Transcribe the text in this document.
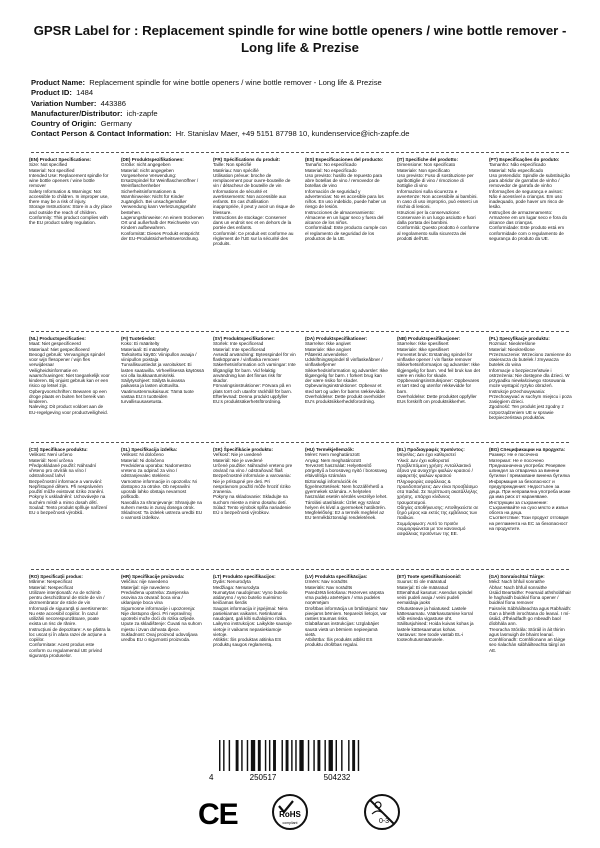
GPSR Label for : Replacement spindle for wine bottle openers / wine bottle remover - Long life & Prezise
Product Name: Replacement spindle for wine bottle openers / wine bottle remover - Long life & Prezise
Product ID: 1484
Variation Number: 443386
Manufacturer/Distributor: ich-zapfe
Country of Origin: Germany
Contact Person & Contact Information: Hr. Stanislav Maer, +49 5151 87798 10, kundenservice@ich-zapfe.de
(EN) Product Specifications:
Size: Not specified
Material: Not specified
Intended Use: Replacement spindle for wine bottle openers / wine bottle remover
Safety Information & Warnings: Not accessible to children. In improper use, there may be a risk of injury.
Storage Instructions: Store in a dry place and outside the reach of children.
Conformity: This product complies with the EU product safety regulation.
(DE) Produktspezifikationen:
Größe: nicht angegeben
Material: nicht angegeben
Vorgesehene Verwendung: Ersatzspindel für Weinflaschenöffner / Weinflaschenheber
Sicherheitsinformationen & Warnhinweise: Nicht für Kinder zugänglich. Bei unsachgemäßer Verwendung kann Verletzungsgefahr bestehen.
Lagerungshinweise: An einem trockenen Ort und außerhalb der Reichweite von Kindern aufbewahren.
Konformität: Dieses Produkt entspricht der EU-Produktsicherheitsverordnung.
(FR) Spécifications du produit:
Taille: Non spécifié
Matériau: Non spécifié
Utilisation prévue: broche de remplacement pour ouvre-bouteille de vin / détacheur de bouteille de vin
Informations de sécurité et avertissements: Non accessible aux enfants. En cas d'utilisation inappropriée, il peut y avoir un risque de blessure.
Instructions de stockage: Conserver dans un endroit sec et en dehors de la portée des enfants.
Conformité: Ce produit est conforme au règlement de l'UE sur la sécurité des produits.
(ES) Especificaciones del producto:
Tamaño: No especificado
Material: No especificado
Uso previsto: husillo de repuesto para abre botellas de vino / removedor de botellas de vino
Información de seguridad y advertencias: No es accesible para los niños. En uso indebido, puede haber un riesgo de lesión.
Instrucciones de almacenamiento: Almacene en un lugar seco y fuera del alcance de los niños.
Conformidad: Este producto cumple con el reglamento de seguridad de los productos de la UE.
(IT) Specifiche del prodotto:
Dimensione: Non specificato
Materiale: Non specificato
Uso previsto: Fuso di sostituzione per apribottiglie di vino / rimozione di bottiglie di vino
Informazioni sulla sicurezza e avvertenze: Non accessibile ai bambini. In caso di uso improprio, può esserci un rischio di lesioni.
Istruzioni per la conservazione: Conservare in un luogo asciutto e fuori dalla portata dei bambini.
Conformità: Questo prodotto è conforme al regolamento sulla sicurezza dei prodotti dell'UE.
(PT) Especificações do produto:
Tamanho: Não especificado
Material: Não especificado
Uso pretendido: Spindle de substituição para abridor de garrafas de vinho / removedor de garrafa de vinho
Informações de segurança e avisos: Não é acessível a crianças. Em uso inadequado, pode haver um risco de lesão.
Instruções de armazenamento: Armazene em um lugar seco e fora do alcance das crianças.
Conformidade: Este produto está em conformidade com o regulamento de segurança do produto da UE.
(NL) Productspecificaties:
Maat: Niet gespecificeerd
Materiaal: Niet gespecificeerd
Beoogd gebruik: Vervangings spindel voor wijn flesopener / wijn fles verwijderaar
Veiligheidsinformatie en waarschuwingen: Niet toegankelijk voor kinderen. Bij onjuist gebruik kan er een risico op letsel zijn.
Opbergvoorschriften: Bewaren op een droge plaats en buiten het bereik van kinderen.
Naleving: Dit product voldoet aan de EU-regelgeving voor productveiligheid.
(FI) Tuotetiedot:
Koko: Ei määritelty
Materiaali: Ei määritelty
Tarkoitettu käyttö: Viinipullon avaaja / viinipullon poistaja
Turvallisuustiedot ja varoitukset: Ei lasten saatavilla. Virheellisessä käytössä voi olla loukkaantumisriski.
Säilytysohjeet: Säilytä kuivassa paikassa ja lasten ulottuvilta.
Vaatimustenmukaisuus: Tämä tuote vastaa EU:n tuotteiden turvallisuusasetusta.
(SV) Produktspecifikationer:
Storlek: Inte specificerad
Material: Inte specificerad
Avsedd användning: Bytesspindel för vin flasköppnare / vinflaska remover
Säkerhetsinformation och varningar: Inte tillgängligt för barn. Vid felaktig användning kan det finnas risk för skador.
Förvaringsinstruktioner: Förvara på en plats torrt och utanför räckhåll för barn.
Efterlevnad: Denna produkt uppfyller EU:s produktsäkerhetsförordning.
(DA) Produktspecifikationer:
Størrelse: Ikke angivet
Materiale: Ikke angivet
Påtænkt anvendelse: Udskiftningsspindel til vinflaskeåbner / vinflaskefjerner
Sikkerhedsinformation og advarsler: Ikke tilgængelig for børn. I forkert brug kan der være risiko for skader.
Opbevaringsinstruktioner: Opbevar et sted tørt og uden for børns rækkevidde.
Overholdelse: Dette produkt overholder EU's produktsikkerhedsforordning.
(NB) Produktspesifikasjoner:
Størrelse: Ikke spesifisert
Materiale: Ikke spesifisert
Forventet bruk: Erstatning spindel for vinflaske opener / vin flaske remover
Sikkerhetsinformasjon og advarsler: Ikke tilgjengelig for barn. Ved feil bruk kan det være en risiko for skade.
Oppbevaringsinstruksjoner: Oppbevares et tørt sted og utenfor rekkevidde for barn.
Overholdelse: Dette produktet oppfyller EUs forskrift om produktsikkerhet.
(PL) Specyfikacje produktu:
Rozmiar: Nieokreślone
Materiał: Nieokreślone
Przeznaczenie: Wrzeciono zamienne do otwieracza do butelek / zmywacza butelek do wina
Informacje o bezpieczeństwie i ostrzeżenia: Nie dostępne dla dzieci. W przypadku niewłaściwego stosowania może wystąpić ryzyko obrażeń.
Instrukcje przechowywania: Przechowywać w suchym miejscu i poza zasięgiem dzieci.
Zgodność: Ten produkt jest zgodny z rozporządzeniem UE w sprawie bezpieczeństwa produktów.
(CS) Specifikace produktu:
Velikost: Není určeno
Materiál: Není určena
Předpokládané použití: Náhradní vřeteno pro otvírák na víno / odstraňovač lahví
Bezpečnostní informace a varování: Nepřístupné dětem. Při nesprávném použití může existovat riziko zranění.
Pokyny k uskladnění: Uchovávejte na suchém místě a mimo dosah dětí.
Soulad: Tento produkt splňuje nařízení EU o bezpečnosti výrobků.
(SL) Specifikacija izdelka:
Velikost: Ni določeno
Material: Ni določeno
Predvidena uporaba: Nadomestno vreteno za odpirač za vino / odstranjevalec steklenic
Varnostne informacije in opozorila: Ni dostopno za otroke. Ob nepravilni uporabi lahko obstaja nevarnost poškodb.
Navodila za shranjevanje: Shranjujte na suhem mestu in zunaj dosega otrok.
Skladnost: Ta izdelek ustreza uredbi EU o varnosti izdelkov.
(SK) Špecifikácie produktu:
Veľkosť: Nie je uvedené
Materiál: Nie je uvedené
Určené použitie: Náhradné vreteno pre otvárač na víno / odstraňovač fliaš
Bezpečnostné informácie a varovania: Nie je prístupné pre deti. Pri nesprávnom použití môže hroziť riziko zranenia.
Pokyny na skladovanie: Skladujte na suchom mieste a mimo dosahu detí.
Súlad: Tento výrobok spĺňa nariadenie EÚ o bezpečnosti výrobkov.
(HU) Termékjellemzők:
Méret: Nem meghatározott
Anyag: Nem meghatározott
Tervezett használat: Helyettesítő pörgettyű a borosüveg nyitó / borosüveg eltávolítója számára
Biztonsági információk és figyelmeztetések: Nem hozzáférhető a gyermekek számára. A helytelen használat esetén sérülés veszélye lehet.
Tárolási utasítások: Üzlet egy száraz helyen és kívül a gyermekek hatókörén.
Megfelelőség: Ez a termék megfelel az EU termékbiztonsági rendeletének.
(EL) Προδιαγραφές προϊόντος:
Μέγεθος: Δεν έχει καθοριστεί
Υλικό: Δεν έχει καθοριστεί
Προβλεπόμενη χρήση: Ανταλλακτικό άξονα για ανοιχτήρι φιαλών κρασιού / αφαιρετής φιαλών κρασιού
Πληροφορίες ασφάλειας & προειδοποιήσεις: Δεν είναι προσβάσιμο στα παιδιά. Σε περίπτωση ακατάλληλης χρήσης, υπάρχει κίνδυνος τραυματισμού.
Οδηγίες αποθήκευσης: Αποθηκεύστε σε ξηρό μέρος και εκτός της εμβέλειας των παιδιών.
Συμμόρφωση: Αυτό το προϊόν συμμορφώνεται με τον κανονισμό ασφάλειας προϊόντων της ΕΕ.
(BG) Спецификации на продукта:
Размер: Не е посочено
Материал: Не е посочено
Предназначена употреба: Резервен шпиндел за отварачка за винени бутилки / премахване винена бутилка
Информация за безопасност и предупреждения: Недостъпен за деца. При неправилна употреба може да има риск от нараняване.
Инструкции за съхранение: Съхранявайте на сухо място и извън обсега на деца.
Съответствие: Този продукт отговаря на регламента на ЕС за безопасност на продуктите.
(RO) Specificații produs:
Mărime: Nespecificat
Material: Nespecificat
Utilizare intenționată: Ax de schimb pentru deschizătorul de sticle de vin / dezmembrator de sticle de vin
Informații de siguranță și avertismente: Nu este accesibil copiilor. În cazul utilizării necorespunzătoare, poate exista un risc de rănire.
Instrucțiuni de depozitare: A se păstra la loc uscat și în afara razei de acțiune a copiilor.
Conformitate: Acest produs este conform cu regulamentul UE privind siguranța produselor.
(HR) Specifikacije proizvoda:
Veličina: nije navedeno
Materijal: nije navedeno
Predviđena upotreba: Zamjenska osovina za otvarač boca vina / uklanjanje boca vina
Sigurnosne informacije i upozorenja: Nije dostupno djeci. Pri nepravilnoj upotrebi može doći do rizika ozljede.
Upute za skladištenje: Čuvati na suhom mjestu i izvan dohvata djece.
Sukladnost: Ovaj proizvod udovoljava uredbu EU o sigurnosti proizvoda.
(LT) Produkto specifikacijos:
Dydis: Nenurodyta
Medžiaga: Nenurodyta
Numatytas naudojimas: Vyno butelio atidarymo / vyno butelio nuėmimo keičiamas šerdis
Saugos informacija ir įspėjimai: Nėra pasiekiamas vaikams. Netinkamai naudojant, gali kilti sužalojimo rizika.
Laikymo instrukcijos: Laikykite sausoje vietoje ir vaikams nepasiekiamoje vietoje.
Atitiktis: Šis produktas atitinka ES produktų saugos reglamentą.
(LV) Produkta specifikācijas:
Izmērs: Nav norādīts
Materiāls: Nav norādīts
Paredzētā lietošana: Rezerves vārpsta vīna pudeļu atvērējam / vīna pudeles noņēmējam
Drošības informācija un brīdinājumi: Nav pieejams bērniem. Nepareizi lietojot, var rasties traumas risks.
Glabāšanas instrukcijas: Uzglabājiet sausā vietā un bērniem nepieejamā vietā.
Atbilstība: Šis produkts atbilst ES produktu drošības regulai.
(ET) Toote spetsifikatsioonid:
Suurus: Ei ole määratud
Materjal: Ei ole määratud
Ettenähtud kasutus: Asendus spindel veini pudeli avaja / veini pudeli eemaldaja jaoks
Ohutusteave ja hoiatused: Lastele kättesaamatu. Väärkasutamise korral võib esineda vigastuse oht.
Säilitusjuhised: Hoida kuivas kohas ja lastele kättesaamatus kohas.
Vastavus: See toode vastab EL-i tooteohutusmäärusele.
(GA) Sonraíochtaí Táirge:
Méid: Nach bhfuil sonraithe
Ábhar: Nach bhfuil sonraithe
Úsáid Beartaithe: Fearsaid athsholáthair le haghaidh buidéal fíona opener / buidéal fíona remover
Faisnéis Sábháilteachta agus Rabhaidh: Gan a bheith inrochtana do leanaí. I mí-úsáid, d'fhéadfadh go mbeadh baol díobhála ann.
Treoracha Stórála: Stóráil in áit thirim agus lasmuigh de bhaint leanaí.
Comhlíonadh: Comhlíonann an táirge seo rialachán sábháilteachta táirgí an AE.
4	250517	504232
CE	RoHS
compliant	0-3
